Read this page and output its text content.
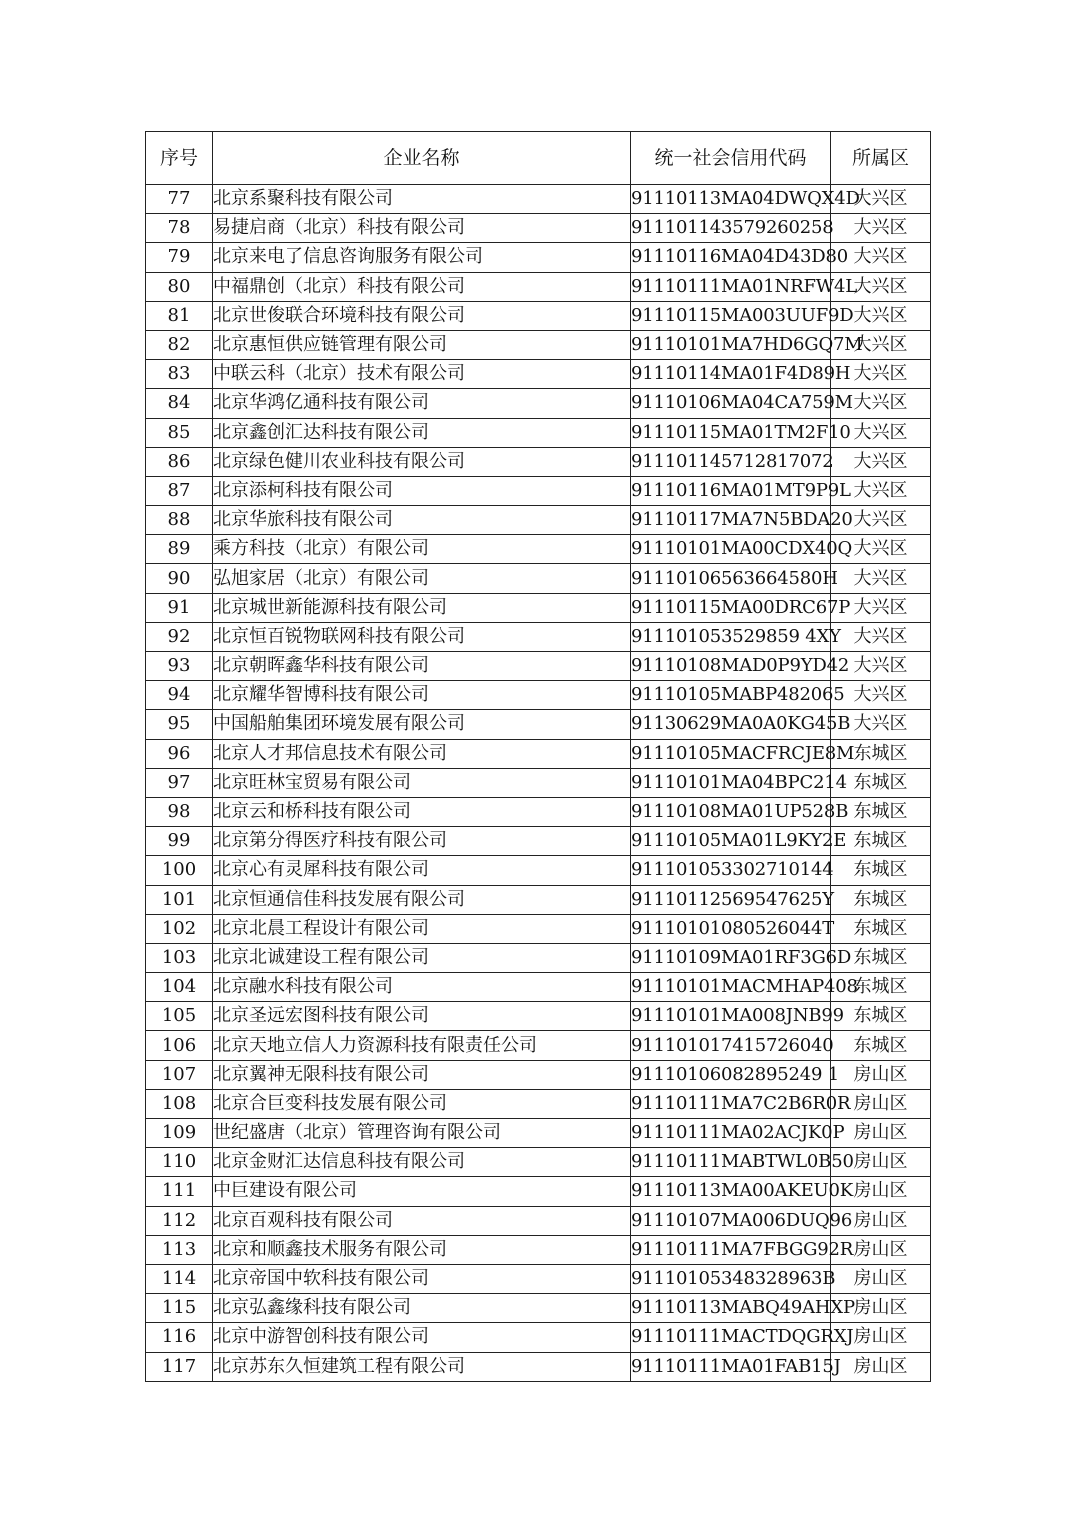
序号	企业名称	统一社会信用代码	所属区
77	北京系聚科技有限公司	91110113MA04DWQX4D	大兴区
78	易捷启商（北京）科技有限公司	911101143579260258	大兴区
79	北京来电了信息咨询服务有限公司	91110116MA04D43D80	大兴区
80	中福鼎创（北京）科技有限公司	91110111MA01NRFW4L	大兴区
81	北京世俊联合环境科技有限公司	91110115MA003UUF9D	大兴区
82	北京惠恒供应链管理有限公司	91110101MA7HD6GQ7M	大兴区
83	中联云科（北京）技术有限公司	91110114MA01F4D89H	大兴区
84	北京华鸿亿通科技有限公司	91110106MA04CA759M	大兴区
85	北京鑫创汇达科技有限公司	91110115MA01TM2F10	大兴区
86	北京绿色健川农业科技有限公司	911101145712817072	大兴区
87	北京添柯科技有限公司	91110116MA01MT9P9L	大兴区
88	北京华旅科技有限公司	91110117MA7N5BDA20	大兴区
89	乘方科技（北京）有限公司	91110101MA00CDX40Q	大兴区
90	弘旭家居（北京）有限公司	91110106563664580H	大兴区
91	北京城世新能源科技有限公司	91110115MA00DRC67P	大兴区
92	北京恒百锐物联网科技有限公司	911101053529859 4XY	大兴区
93	北京朝晖鑫华科技有限公司	91110108MAD0P9YD42	大兴区
94	北京耀华智博科技有限公司	91110105MABP482065	大兴区
95	中国船舶集团环境发展有限公司	91130629MA0A0KG45B	大兴区
96	北京人才邦信息技术有限公司	91110105MACFRCJE8M	东城区
97	北京旺林宝贸易有限公司	91110101MA04BPC214	东城区
98	北京云和桥科技有限公司	91110108MA01UP528B	东城区
99	北京第分得医疗科技有限公司	91110105MA01L9KY2E	东城区
100	北京心有灵犀科技有限公司	911101053302710144	东城区
101	北京恒通信佳科技发展有限公司	91110112569547625Y	东城区
102	北京北晨工程设计有限公司	91110101080526044T	东城区
103	北京北诚建设工程有限公司	91110109MA01RF3G6D	东城区
104	北京融水科技有限公司	91110101MACMHAP408	东城区
105	北京圣远宏图科技有限公司	91110101MA008JNB99	东城区
106	北京天地立信人力资源科技有限责任公司	911101017415726040	东城区
107	北京翼神无限科技有限公司	91110106082895249 1	房山区
108	北京合巨变科技发展有限公司	91110111MA7C2B6R0R	房山区
109	世纪盛唐（北京）管理咨询有限公司	91110111MA02ACJK0P	房山区
110	北京金财汇达信息科技有限公司	91110111MABTWL0B50	房山区
111	中巨建设有限公司	91110113MA00AKEU0K	房山区
112	北京百观科技有限公司	91110107MA006DUQ96	房山区
113	北京和顺鑫技术服务有限公司	91110111MA7FBGG92R	房山区
114	北京帝国中软科技有限公司	91110105348328963B	房山区
115	北京弘鑫缘科技有限公司	91110113MABQ49AHXP	房山区
116	北京中游智创科技有限公司	91110111MACTDQGRXJ	房山区
117	北京苏东久恒建筑工程有限公司	91110111MA01FAB15J	房山区
